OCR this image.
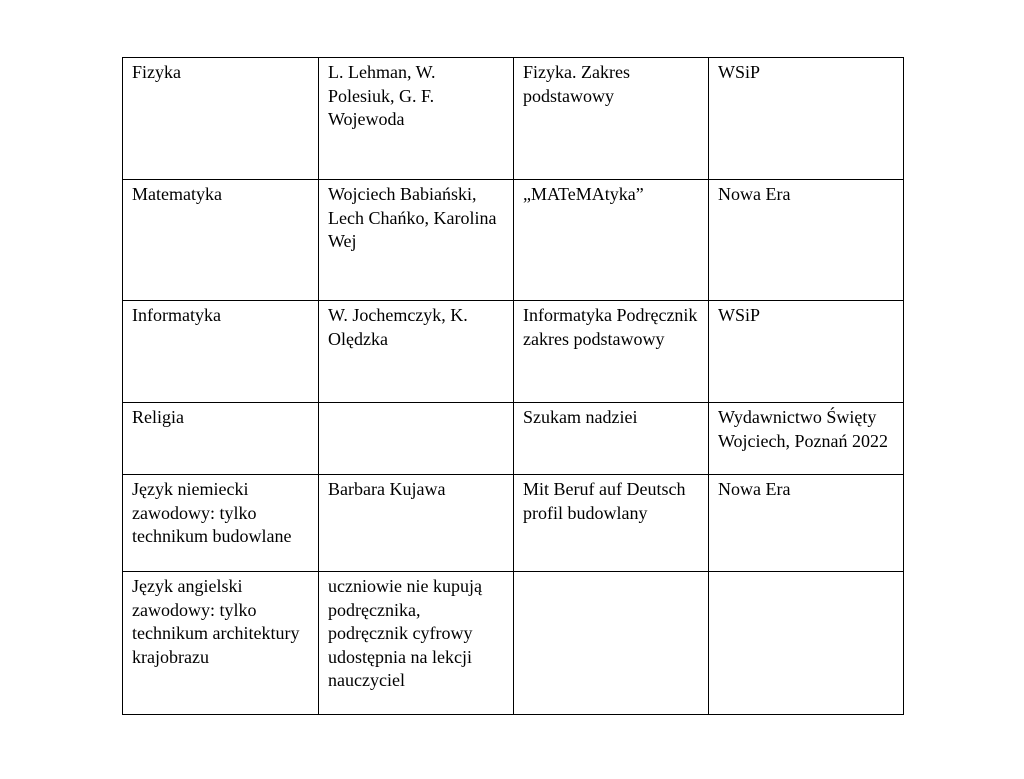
Fizyka	L. Lehman, W. Polesiuk, G. F. Wojewoda	Fizyka. Zakres podstawowy	WSiP
Matematyka	Wojciech Babiański, Lech Chańko, Karolina Wej	„MATeMAtyka”	Nowa Era
Informatyka	W. Jochemczyk, K. Olędzka	Informatyka Podręcznik zakres podstawowy	WSiP
Religia		Szukam nadziei	Wydawnictwo Święty Wojciech, Poznań 2022
Język niemiecki zawodowy: tylko technikum budowlane	Barbara Kujawa	Mit Beruf auf Deutsch profil budowlany	Nowa Era
Język angielski zawodowy: tylko technikum architektury krajobrazu	uczniowie nie kupują podręcznika, podręcznik cyfrowy udostępnia na lekcji nauczyciel		
